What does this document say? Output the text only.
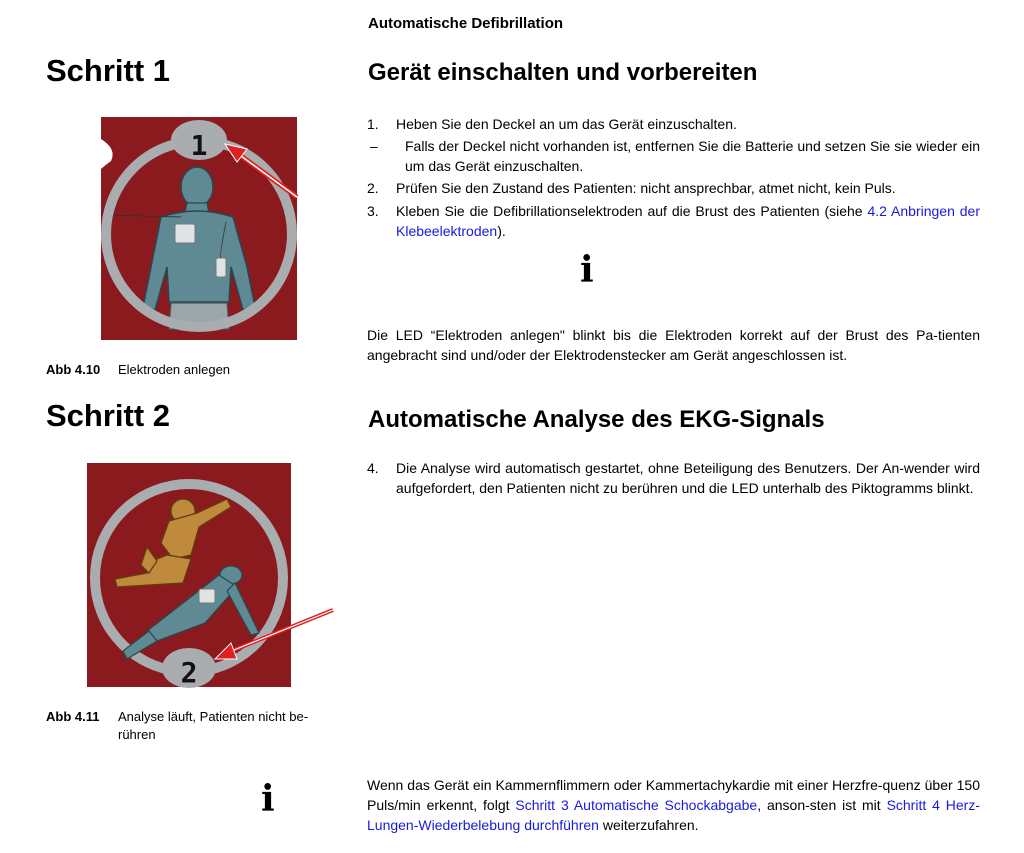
Automatische Defibrillation
Schritt 1
1
Abb 4.10 Elektroden anlegen
Gerät einschalten und vorbereiten
1. Heben Sie den Deckel an um das Gerät einzuschalten.
– Falls der Deckel nicht vorhanden ist, entfernen Sie die Batterie und setzen Sie sie wieder ein um das Gerät einzuschalten.
2. Prüfen Sie den Zustand des Patienten: nicht ansprechbar, atmet nicht, kein Puls.
3. Kleben Sie die Defibrillationselektroden auf die Brust des Patienten (siehe 4.2 Anbringen der Klebeelektroden).
i
Die LED “Elektroden anlegen" blinkt bis die Elektroden korrekt auf der Brust des Pa-tienten angebracht sind und/oder der Elektrodenstecker am Gerät angeschlossen ist.
Schritt 2
2
Abb 4.11 Analyse läuft, Patienten nicht be-
rühren
Automatische Analyse des EKG-Signals
4. Die Analyse wird automatisch gestartet, ohne Beteiligung des Benutzers. Der An-wender wird aufgefordert, den Patienten nicht zu berühren und die LED unterhalb des Piktogramms blinkt.
i	Wenn das Gerät ein Kammernflimmern oder Kammertachykardie mit einer Herzfre-quenz über 150 Puls/min erkennt, folgt Schritt 3 Automatische Schockabgabe, anson-sten ist mit Schritt 4 Herz-Lungen-Wiederbelebung durchführen weiterzufahren.
